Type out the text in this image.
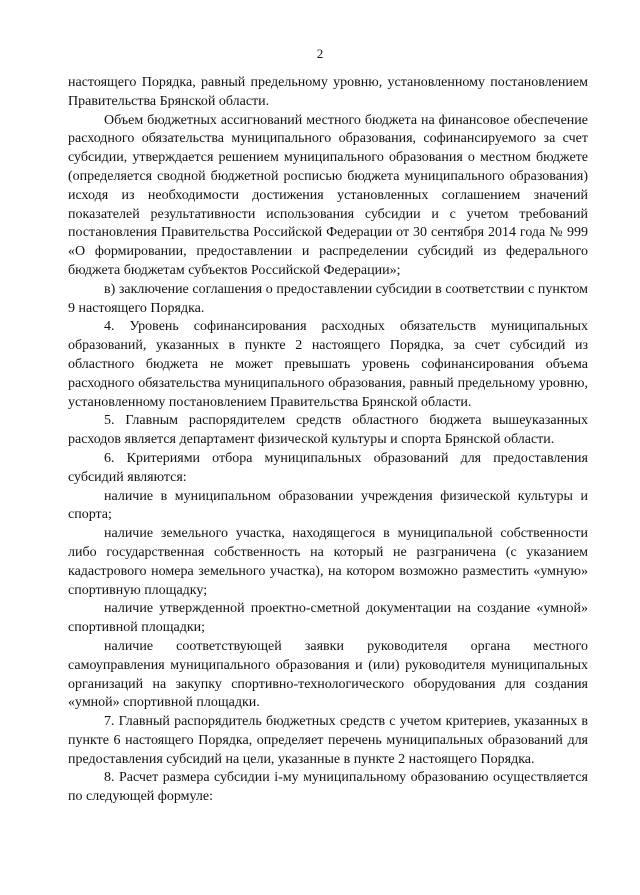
2

настоящего Порядка, равный предельному уровню, установленному постановлением Правительства Брянской области.

Объем бюджетных ассигнований местного бюджета на финансовое обеспечение расходного обязательства муниципального образования, софинансируемого за счет субсидии, утверждается решением муниципального образования о местном бюджете (определяется сводной бюджетной росписью бюджета муниципального образования) исходя из необходимости достижения установленных соглашением значений показателей результативности использования субсидии и с учетом требований постановления Правительства Российской Федерации от 30 сентября 2014 года № 999 «О формировании, предоставлении и распределении субсидий из федерального бюджета бюджетам субъектов Российской Федерации»;

в) заключение соглашения о предоставлении субсидии в соответствии с пунктом 9 настоящего Порядка.

4. Уровень софинансирования расходных обязательств муниципальных образований, указанных в пункте 2 настоящего Порядка, за счет субсидий из областного бюджета не может превышать уровень софинансирования объема расходного обязательства муниципального образования, равный предельному уровню, установленному постановлением Правительства Брянской области.

5. Главным распорядителем средств областного бюджета вышеуказанных расходов является департамент физической культуры и спорта Брянской области.

6. Критериями отбора муниципальных образований для предоставления субсидий являются:

наличие в муниципальном образовании учреждения физической культуры и спорта;

наличие земельного участка, находящегося в муниципальной собственности либо государственная собственность на который не разграничена (с указанием кадастрового номера земельного участка), на котором возможно разместить «умную» спортивную площадку;

наличие утвержденной проектно-сметной документации на создание «умной» спортивной площадки;

наличие соответствующей заявки руководителя органа местного самоуправления муниципального образования и (или) руководителя муниципальных организаций на закупку спортивно-технологического оборудования для создания «умной» спортивной площадки.

7. Главный распорядитель бюджетных средств с учетом критериев, указанных в пункте 6 настоящего Порядка, определяет перечень муниципальных образований для предоставления субсидий на цели, указанные в пункте 2 настоящего Порядка.

8. Расчет размера субсидии i-му муниципальному образованию осуществляется по следующей формуле:
